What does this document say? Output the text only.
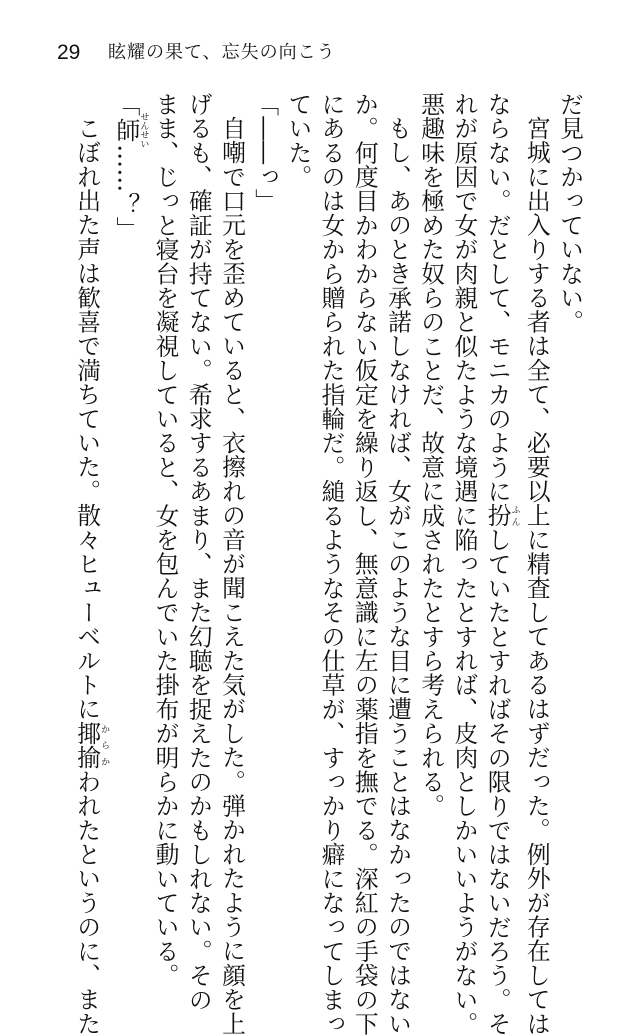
29 眩耀の果て、忘失の向こう
だ見つかっていない。
宮城に出入りする者は全て、必要以上に精査してあるはずだった。例外が存在しては
ならない。だとして、モニカのように扮ふんしていたとすればその限りではないだろう。そ
れが原因で女が肉親と似たような境遇に陥ったとすれば、皮肉としかいいようがない。
悪趣味を極めた奴らのことだ、故意に成されたとすら考えられる。
もし、あのとき承諾しなければ、女がこのような目に遭うことはなかったのではない
か。何度目かわからない仮定を繰り返し、無意識に左の薬指を撫でる。深紅の手袋の下
にあるのは女から贈られた指輪だ。縋るようなその仕草が、すっかり癖になってしまっ
ていた。
「――っ」
自嘲で口元を歪めていると、衣擦れの音が聞こえた気がした。弾かれたように顔を上
げるも、確証が持てない。希求するあまり、また幻聴を捉えたのかもしれない。その
まま、じっと寝台を凝視していると、女を包んでいた掛布が明らかに動いている。
「師せんせい……？」
こぼれ出た声は歓喜で満ちていた。散々ヒューベルトに揶揄からかわれたというのに、また
